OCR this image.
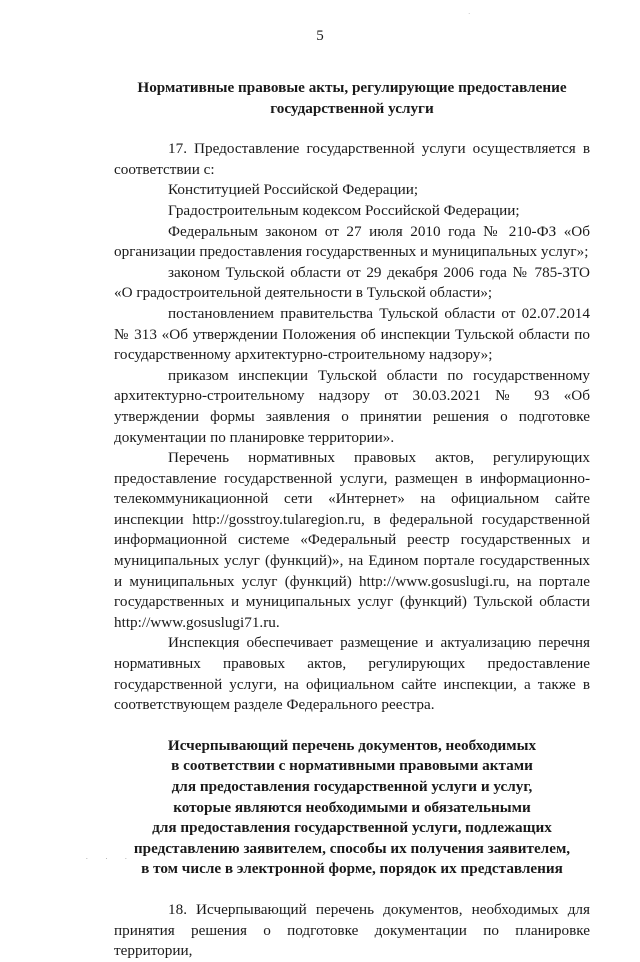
·
5
Нормативные правовые акты, регулирующие предоставление
государственной услуги

17. Предоставление государственной услуги осуществляется в соответствии с:

Конституцией Российской Федерации;

Градостроительным кодексом Российской Федерации;

Федеральным законом от 27 июля 2010 года № 210-ФЗ «Об организации предоставления государственных и муниципальных услуг»;

законом Тульской области от 29 декабря 2006 года № 785-ЗТО «О градостроительной деятельности в Тульской области»;

постановлением правительства Тульской области от 02.07.2014 № 313 «Об утверждении Положения об инспекции Тульской области по государственному архитектурно-строительному надзору»;

приказом инспекции Тульской области по государственному архитектурно-строительному надзору от 30.03.2021 № 93 «Об утверждении формы заявления о принятии решения о подготовке документации по планировке территории».

Перечень нормативных правовых актов, регулирующих предоставление государственной услуги, размещен в информационно-телекоммуникационной сети «Интернет» на официальном сайте инспекции http://gosstroy.tularegion.ru, в федеральной государственной информационной системе «Федеральный реестр государственных и муниципальных услуг (функций)», на Едином портале государственных и муниципальных услуг (функций) http://www.gosuslugi.ru, на портале государственных и муниципальных услуг (функций) Тульской области http://www.gosuslugi71.ru.

Инспекция обеспечивает размещение и актуализацию перечня нормативных правовых актов, регулирующих предоставление государственной услуги, на официальном сайте инспекции, а также в соответствующем разделе Федерального реестра.

Исчерпывающий перечень документов, необходимых
в соответствии с нормативными правовыми актами
для предоставления государственной услуги и услуг,
которые являются необходимыми и обязательными
для предоставления государственной услуги, подлежащих
представлению заявителем, способы их получения заявителем,
в том числе в электронной форме, порядок их представления

18. Исчерпывающий перечень документов, необходимых для принятия решения о подготовке документации по планировке территории,

. . .
